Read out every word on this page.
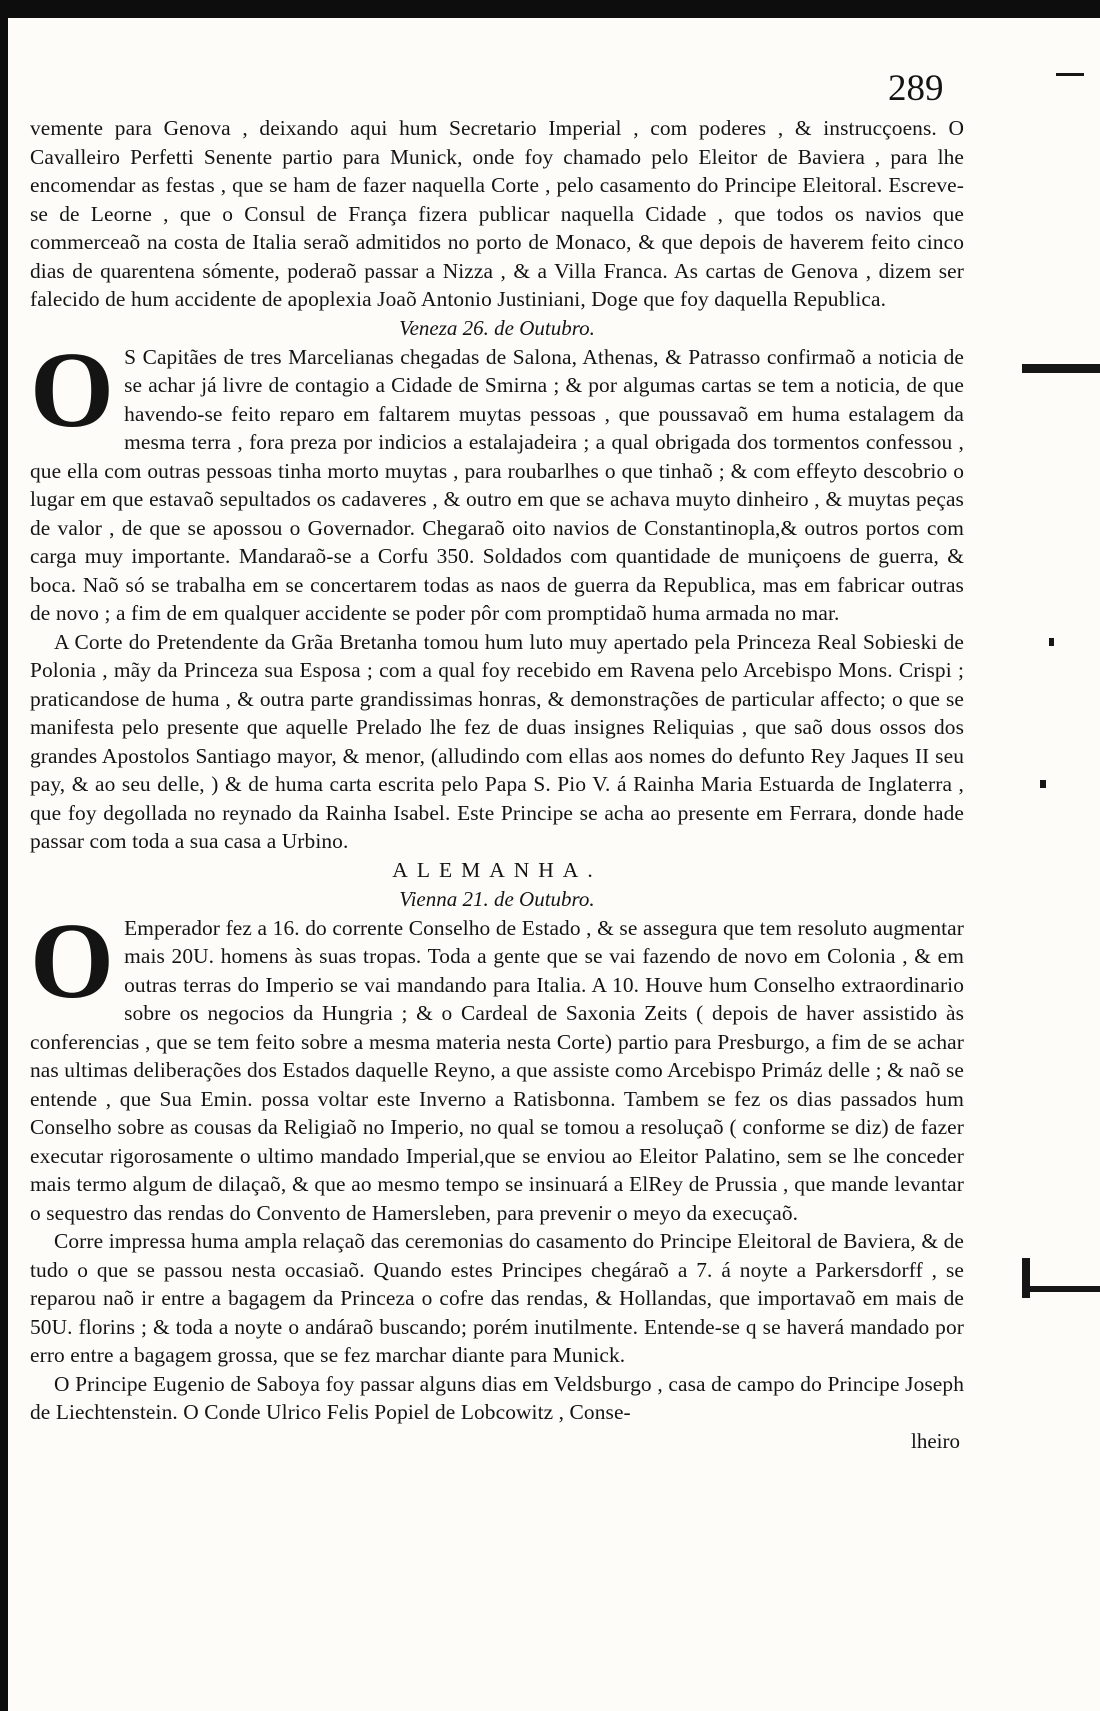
289

vemente para Genova , deixando aqui hum Secretario Imperial , com poderes , & instrucçoens. O Cavalleiro Perfetti Senente partio para Munick, onde foy chamado pelo Eleitor de Baviera , para lhe encomendar as festas , que se ham de fazer naquella Corte , pelo casamento do Principe Eleitoral. Escreve-se de Leorne , que o Consul de França fizera publicar naquella Cidade , que todos os navios que commerceaõ na costa de Italia seraõ admitidos no porto de Monaco, & que depois de haverem feito cinco dias de quarentena sómente, poderaõ passar a Nizza , & a Villa Franca. As cartas de Genova , dizem ser falecido de hum accidente de apoplexia Joaõ Antonio Justiniani, Doge que foy daquella Republica.

Veneza 26. de Outubro.

O S Capitães de tres Marcelianas chegadas de Salona, Athenas, & Patrasso confirmaõ a noticia de se achar já livre de contagio a Cidade de Smirna ; & por algumas cartas se tem a noticia, de que havendo-se feito reparo em faltarem muytas pessoas , que poussavaõ em huma estalagem da mesma terra , fora preza por indicios a estalajadeira ; a qual obrigada dos tormentos confessou , que ella com outras pessoas tinha morto muytas , para roubarlhes o que tinhaõ ; & com effeyto descobrio o lugar em que estavaõ sepultados os cadaveres , & outro em que se achava muyto dinheiro , & muytas peças de valor , de que se apossou o Governador. Chegaraõ oito navios de Constantinopla,& outros portos com carga muy importante. Mandaraõ-se a Corfu 350. Soldados com quantidade de muniçoens de guerra, & boca. Naõ só se trabalha em se concertarem todas as naos de guerra da Republica, mas em fabricar outras de novo ; a fim de em qualquer accidente se poder pôr com promptidaõ huma armada no mar.

A Corte do Pretendente da Grãa Bretanha tomou hum luto muy apertado pela Princeza Real Sobieski de Polonia , mãy da Princeza sua Esposa ; com a qual foy recebido em Ravena pelo Arcebispo Mons. Crispi ; praticandose de huma , & outra parte grandissimas honras, & demonstrações de particular affecto; o que se manifesta pelo presente que aquelle Prelado lhe fez de duas insignes Reliquias , que saõ dous ossos dos grandes Apostolos Santiago mayor, & menor, (alludindo com ellas aos nomes do defunto Rey Jaques II seu pay, & ao seu delle, ) & de huma carta escrita pelo Papa S. Pio V. á Rainha Maria Estuarda de Inglaterra , que foy degollada no reynado da Rainha Isabel. Este Principe se acha ao presente em Ferrara, donde hade passar com toda a sua casa a Urbino.

ALEMANHA.
Vienna 21. de Outubro.

O Emperador fez a 16. do corrente Conselho de Estado , & se assegura que tem resoluto augmentar mais 20U. homens às suas tropas. Toda a gente que se vai fazendo de novo em Colonia , & em outras terras do Imperio se vai mandando para Italia. A 10. Houve hum Conselho extraordinario sobre os negocios da Hungria ; & o Cardeal de Saxonia Zeits ( depois de haver assistido às conferencias , que se tem feito sobre a mesma materia nesta Corte) partio para Presburgo, a fim de se achar nas ultimas deliberações dos Estados daquelle Reyno, a que assiste como Arcebispo Primáz delle ; & naõ se entende , que Sua Emin. possa voltar este Inverno a Ratisbonna. Tambem se fez os dias passados hum Conselho sobre as cousas da Religiaõ no Imperio, no qual se tomou a resoluçaõ ( conforme se diz) de fazer executar rigorosamente o ultimo mandado Imperial,que se enviou ao Eleitor Palatino, sem se lhe conceder mais termo algum de dilaçaõ, & que ao mesmo tempo se insinuará a ElRey de Prussia , que mande levantar o sequestro das rendas do Convento de Hamersleben, para prevenir o meyo da execuçaõ.

Corre impressa huma ampla relaçaõ das ceremonias do casamento do Principe Eleitoral de Baviera, & de tudo o que se passou nesta occasiaõ. Quando estes Principes chegáraõ a 7. á noyte a Parkersdorff , se reparou naõ ir entre a bagagem da Princeza o cofre das rendas, & Hollandas, que importavaõ em mais de 50U. florins ; & toda a noyte o andáraõ buscando; porém inutilmente. Entende-se q se haverá mandado por erro entre a bagagem grossa, que se fez marchar diante para Munick.

O Principe Eugenio de Saboya foy passar alguns dias em Veldsburgo , casa de campo do Principe Joseph de Liechtenstein. O Conde Ulrico Felis Popiel de Lobcowitz , Conse-

lheiro
